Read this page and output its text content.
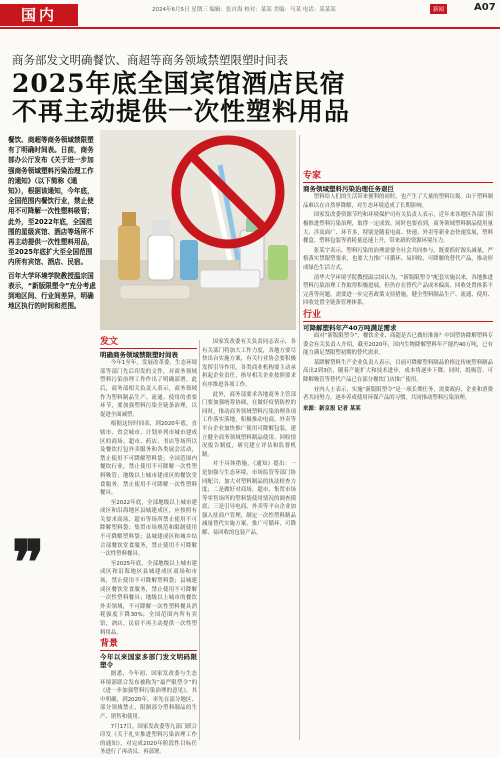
国内	2024年6月5日 星期三 编辑：张自海 校对：某某 美编：马某 电话：某某某	新闻	A07
商务部发文明确餐饮、商超等商务领域禁塑限塑时间表
2025年底全国宾馆酒店民宿
不再主动提供一次性塑料用品
餐饮、商超等商务领域禁限塑有了明确时间表。日前，商务部办公厅发布《关于进一步加强商务领域塑料污染治理工作的通知》（以下简称《通知》），根据该通知，今年底，全国范围内餐饮行业，禁止使用不可降解一次性塑料吸管；此外，至2022年底，全国范围的星级宾馆、酒店等场所不再主动提供一次性塑料用品，至2025年底扩大至全国范围内所有宾馆、酒店、民宿。
百年大学环境学院教授温宗国表示，“新版限塑令”充分考虑到地区间、行业间差异，明确地区执行的时间和范围。
❞
发文
明确商务领域禁限塑时间表

今年1至年，发展改革委、生态环境部等部门先后印发的文件，对商务领域塑料污染治理工作作出了明确部署。此后，商务部相关负责人表示，商务领域作为塑料制品生产、流通、使用的重要环节，要加强塑料污染全链条治理，以促进全面减塑。

根据这份时间表，到2020年底，直辖市、省会城市、计划单列市城市建成区的商场、超市、药店、书店等场所以及餐饮打包外卖服务和各类展会活动，禁止使用不可降解塑料袋；全国范围内餐饮行业，禁止使用不可降解一次性塑料吸管；地级以上城市建成区的餐饮堂食服务，禁止使用不可降解一次性塑料餐具。

至2022年底，全部地级以上城市建成区和沿海地区县城建成区，应按照有关要求商场、超市等场所禁止使用不可降解塑料袋；集贸市场规范和限制使用不可降解塑料袋；县城建成区和城乡结合部餐饮堂食服务，禁止使用不可降解一次性塑料餐具。

至2025年底，全部地级以上城市建成区和沿海地区县城建成区商场和市场，禁止使用不可降解塑料袋；县城建成区餐饮堂食服务，禁止使用不可降解一次性塑料餐具；地级以上城市的餐饮外卖领域，不可降解一次性塑料餐具消耗强度下降30%；全国范围内所有宾馆、酒店、民宿不再主动提供一次性塑料用品。

背景
今年以来国家多部门发文明码限塑令

据悉，今年初，国家发改委与生态环境部联合发布被称为“最严限塑令”的《进一步加强塑料污染治理的意见》，其中明确，到2020年，率先在部分地区、部分领域禁止、限制部分塑料制品的生产、销售和使用。

7月17日，国家发改委等九部门联合印发《关于扎实推进塑料污染治理工作的通知》，对完成2020年阶段性目标任务进行了再动员、再部署。

国家发改委有关负责同志表示，各有关部门将加大工作力度，各地方要尽快出台实施方案，有关行业协会要积极发挥引导作用，各类商业机构要主动承担起企业责任，指导相关企业按照要求有序推进各项工作。

此外，商务部要求各地商务主管部门要加强统筹协调，在做好疫情防控的同时，推动商务领域塑料污染治理各项工作落实落地，积极推动电商、外卖等平台企业加快推广使用可降解包装，建立健全商务领域塑料制品使用、回收情况报告制度，研究建立评估和监督机制。

对于具体措施，《通知》提出：一是加强与生态环境、市场监管等部门协同配合，加大对塑料制品的执法检查力度；二是做好对商场、超市、集贸市场等零售场所的塑料袋使用情况的调查摸底；三是引导电商、外卖等平台企业加强入驻商户管理，制定一次性塑料制品减量替代实施方案，推广可循环、可降解、易回收的包装产品。

专家
商务领域塑料污染治理任务艰巨

塑料给人们的生活带来便利的同时，也产生了大量的塑料垃圾。由于塑料制品难以在自然界降解，对生态环境造成了长期影响。

国家发改委资源节约和环境保护司有关负责人表示，近年来各地区各部门积极推进塑料污染治理，取得一定成效。同时也要看到，商务领域塑料制品使用量大、涉及面广、环节多，特别是随着电商、快递、外卖等新业态快速发展，塑料餐盒、塑料包装等消耗量迅速上升，带来新的资源环境压力。

张某宇表示，塑料污染的治理需要全社会共同参与，既要抓好源头减量，严格落实禁限塑要求，也要大力推广可循环、易回收、可降解的替代产品，推动形成绿色生活方式。

清华大学环境学院教授温宗国认为，“新版限塑令”配套实施以来，各地推进塑料污染治理工作取得积极进展，但仍存在替代产品成本偏高、回收处置体系不完善等问题，需要进一步完善政策支持措施，健全塑料制品生产、流通、使用、回收处置全链条管理体系。

行业
可降解塑料年产40万吨满足需求

面对“新版限塑令”，餐饮企业、商超是否已做好准备？中国塑协降解塑料专委会有关负责人介绍，截至2020年，国内生物降解塑料年产能约40万吨，已有能力满足禁限塑初期的替代需求。

某降解塑料生产企业负责人表示，目前可降解塑料制品价格比传统塑料制品高出2到3倍，随着产能扩大和技术进步，成本将逐步下降。同时，纸吸管、可降解吸管等替代产品已在部分餐饮门店推广使用。

业内人士表示，实施“新版限塑令”是一项长期任务，需要政府、企业和消费者共同努力，逐步养成使用环保产品的习惯，共同推动塑料污染治理。

来源：新京报 记者 某某
